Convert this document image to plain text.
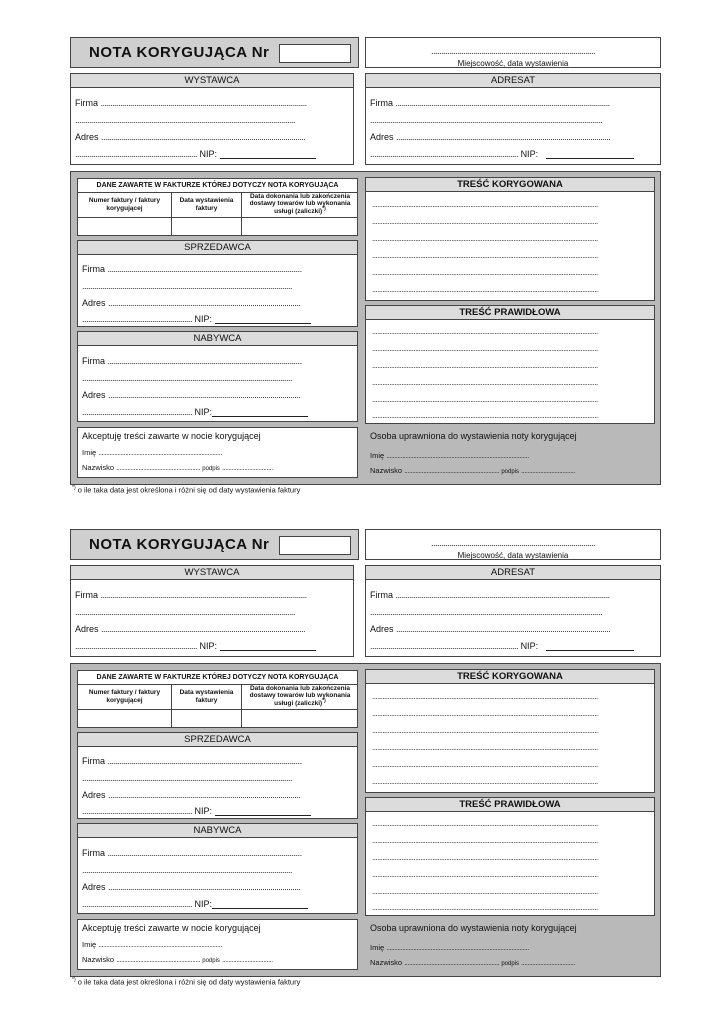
NOTA KORYGUJĄCA Nr	..................................................................................
Miejscowość, data wystawienia
WYSTAWCA
Firma .......................................................................................................
..............................................................................................................
Adres ......................................................................................................
............................................................. NIP:
ADRESAT
Firma ...........................................................................................................
....................................................................................................................
Adres ...........................................................................................................
.......................................................................... NIP:
DANE ZAWARTE W FAKTURZE KTÓREJ DOTYCZY NOTA KORYGUJĄCA
Numer faktury / faktury korygującej
Data wystawienia faktury
Data dokonania lub zakończenia dostawy towarów lub wykonania usługi (zaliczki)*)
SPRZEDAWCA
Firma .................................................................................................
.........................................................................................................
Adres ................................................................................................
....................................................... NIP:
NABYWCA
Firma .................................................................................................
.........................................................................................................
Adres ................................................................................................
....................................................... NIP:
Akceptuję treści zawarte w nocie korygującej
Imię ..............................................................................
Nazwisko ..................................................... podpis ................................
TREŚĆ KORYGOWANA
...................................................................................................................................
...................................................................................................................................
...................................................................................................................................
...................................................................................................................................
...................................................................................................................................
...................................................................................................................................
TREŚĆ PRAWIDŁOWA
...................................................................................................................................
...................................................................................................................................
...................................................................................................................................
...................................................................................................................................
...................................................................................................................................
...................................................................................................................................
Osoba uprawniona do wystawienia noty korygującej
Imię ..........................................................................................
Nazwisko ............................................................ podpis ..................................
*) o ile taka data jest określona i różni się od daty wystawienia faktury
NOTA KORYGUJĄCA Nr	..................................................................................
Miejscowość, data wystawienia
WYSTAWCA
Firma .......................................................................................................
..............................................................................................................
Adres ......................................................................................................
............................................................. NIP:
ADRESAT
Firma ...........................................................................................................
....................................................................................................................
Adres ...........................................................................................................
.......................................................................... NIP:
DANE ZAWARTE W FAKTURZE KTÓREJ DOTYCZY NOTA KORYGUJĄCA
Numer faktury / faktury korygującej
Data wystawienia faktury
Data dokonania lub zakończenia dostawy towarów lub wykonania usługi (zaliczki)*)
SPRZEDAWCA
Firma .................................................................................................
.........................................................................................................
Adres ................................................................................................
....................................................... NIP:
NABYWCA
Firma .................................................................................................
.........................................................................................................
Adres ................................................................................................
....................................................... NIP:
Akceptuję treści zawarte w nocie korygującej
Imię ..............................................................................
Nazwisko ..................................................... podpis ................................
TREŚĆ KORYGOWANA
...................................................................................................................................
...................................................................................................................................
...................................................................................................................................
...................................................................................................................................
...................................................................................................................................
...................................................................................................................................
TREŚĆ PRAWIDŁOWA
...................................................................................................................................
...................................................................................................................................
...................................................................................................................................
...................................................................................................................................
...................................................................................................................................
...................................................................................................................................
Osoba uprawniona do wystawienia noty korygującej
Imię ..........................................................................................
Nazwisko ............................................................ podpis ..................................
*) o ile taka data jest określona i różni się od daty wystawienia faktury
